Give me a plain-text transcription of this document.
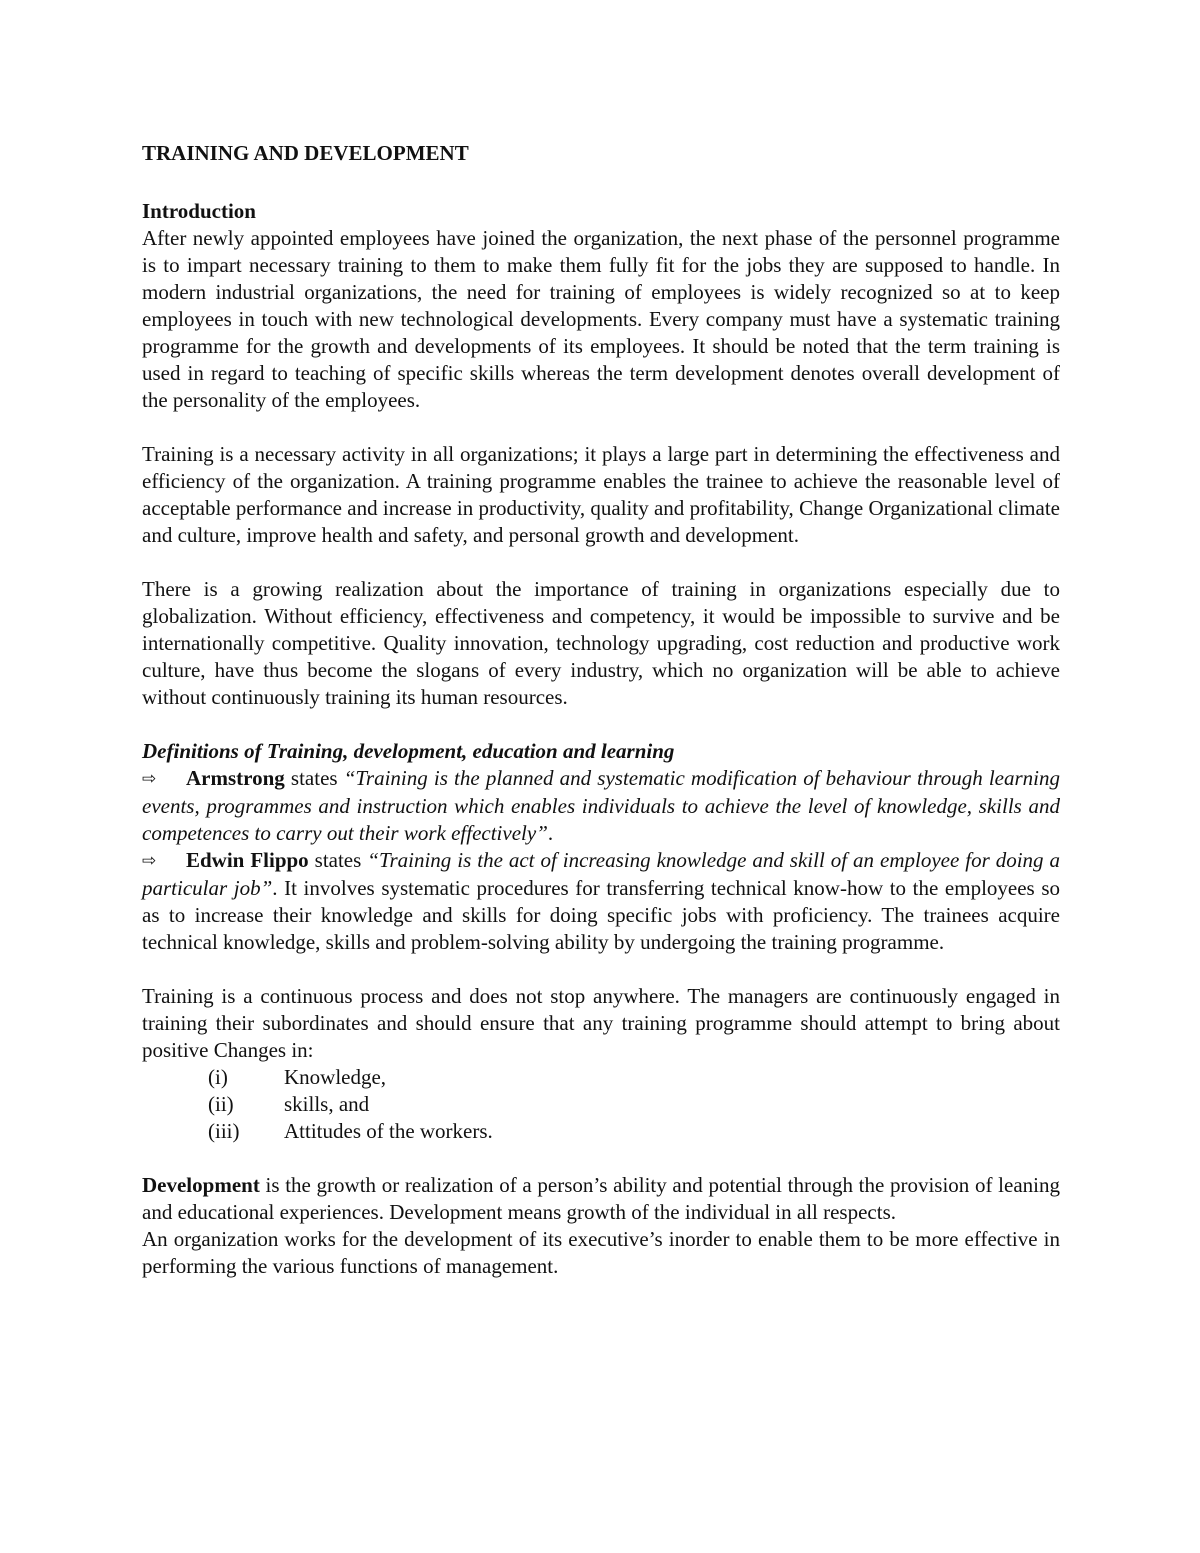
TRAINING AND DEVELOPMENT

Introduction

After newly appointed employees have joined the organization, the next phase of the personnel programme is to impart necessary training to them to make them fully fit for the jobs they are supposed to handle. In modern industrial organizations, the need for training of employees is widely recognized so at to keep employees in touch with new technological developments. Every company must have a systematic training programme for the growth and developments of its employees. It should be noted that the term training is used in regard to teaching of specific skills whereas the term development denotes overall development of the personality of the employees.

Training is a necessary activity in all organizations; it plays a large part in determining the effectiveness and efficiency of the organization. A training programme enables the trainee to achieve the reasonable level of acceptable performance and increase in productivity, quality and profitability, Change Organizational climate and culture, improve health and safety, and personal growth and development.

There is a growing realization about the importance of training in organizations especially due to globalization. Without efficiency, effectiveness and competency, it would be impossible to survive and be internationally competitive. Quality innovation, technology upgrading, cost reduction and productive work culture, have thus become the slogans of every industry, which no organization will be able to achieve without continuously training its human resources.

Definitions of Training, development, education and learning

⇨ Armstrong states “Training is the planned and systematic modification of behaviour through learning events, programmes and instruction which enables individuals to achieve the level of knowledge, skills and competences to carry out their work effectively”.

⇨ Edwin Flippo states “Training is the act of increasing knowledge and skill of an employee for doing a particular job”. It involves systematic procedures for transferring technical know-how to the employees so as to increase their knowledge and skills for doing specific jobs with proficiency. The trainees acquire technical knowledge, skills and problem-solving ability by undergoing the training programme.

Training is a continuous process and does not stop anywhere. The managers are continuously engaged in training their subordinates and should ensure that any training programme should attempt to bring about positive Changes in:

(i)	Knowledge,
(ii) skills, and
(iii) Attitudes of the workers.

Development is the growth or realization of a person’s ability and potential through the provision of leaning and educational experiences. Development means growth of the individual in all respects.

An organization works for the development of its executive’s inorder to enable them to be more effective in performing the various functions of management.
